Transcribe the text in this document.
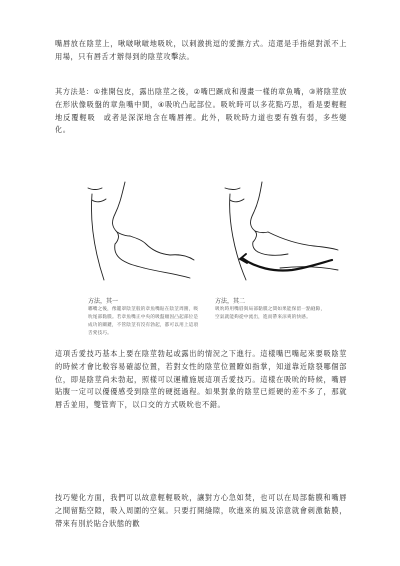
嘴唇放在陰莖上，啾啵啾啵地吸吮，以刺激挑逗的愛撫方式。這還是手指絕對派不上用場，只有唇舌才辦得到的陰莖攻擊法。

其方法是：①推開包皮，露出陰莖之後，②嘴巴蹶成和漫畫一樣的章魚嘴，③將陰莖放在形狀像吸盤的章魚嘴中間，④吸吮凸起部位。吸吮時可以多花點巧思，看是要輕輕地反覆輕吸　或者是深深地含在嘴唇裡。此外，吸吮時力道也要有強有弱，多些變化。

方法，其一

嘟嘴之後，像籠罩陰莖般的章魚嘴貼在陰莖周圍，吸吮尾部黏膜。若章魚嘴正中央的吸盤順因凸起部位是成功的關鍵，不管陰莖有沒有勃起，都可以用上這項舌愛技巧。

方法，其二

吸吮時用嘴唇與局部黏膜之間如果能保留一點縫隙，空氣就能夠從中流出，進而帶來涼爽的快感。

這項舌愛技巧基本上要在陰莖勃起或露出的情況之下進行。這樣嘴巴嘴起來要吸陰莖的時候才會比較容易確認位置，若對女性的陰莖位置瞭如指掌，知道靠近陰裂哪個部位，即是陰莖尚未勃起，照樣可以運權施展這項舌愛技巧。這樣在吸吮的時候，嘴唇貼腹一定可以優優感受到陰莖的硬挺過程。如果對象的陰莖已經硬的差不多了，那就唇舌並用，雙管齊下，以口交的方式吸吮也不錯。

技巧變化方面，我們可以故意輕輕吸吮，讓對方心急如焚，也可以在局部黏膜和嘴唇之間留點空隙，吸入周圍的空氣。只要打開縫隙，吹進來的風及涼意就會刺激黏膜，帶來有別於貼合狀態的歡
